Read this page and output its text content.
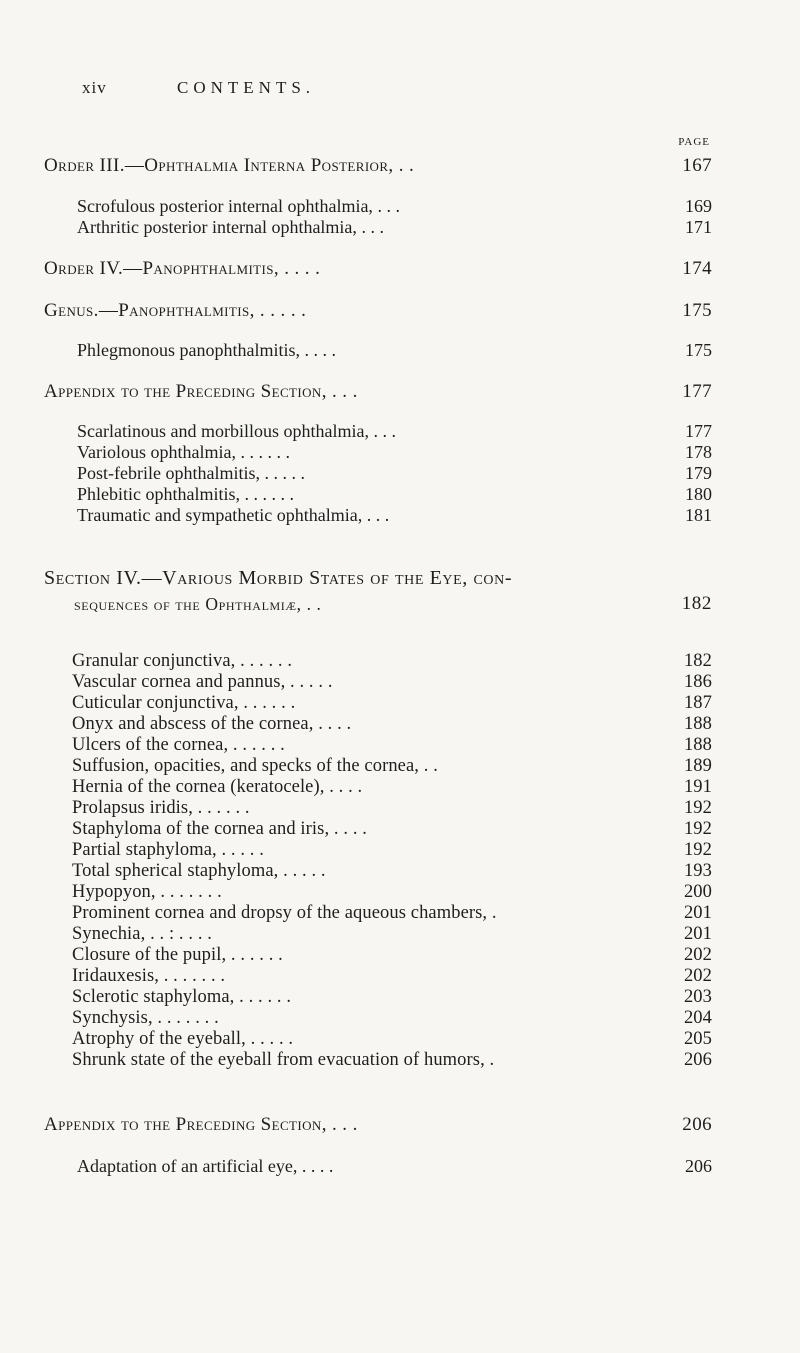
xiv	CONTENTS.
PAGE
Order III.—Ophthalmia Interna Posterior, . .	167
Scrofulous posterior internal ophthalmia, . . .	169
Arthritic posterior internal ophthalmia, . . .	171
Order IV.—Panophthalmitis, . . . .	174
Genus.—Panophthalmitis, . . . . .	175
Phlegmonous panophthalmitis, . . . .	175
Appendix to the Preceding Section, . . .	177
Scarlatinous and morbillous ophthalmia, . . .	177
Variolous ophthalmia, . . . . . .	178
Post-febrile ophthalmitis, . . . . .	179
Phlebitic ophthalmitis, . . . . . .	180
Traumatic and sympathetic ophthalmia, . . .	181
Section IV.—Various Morbid States of the Eye, con-
sequences of the Ophthalmiæ, . .	182
Granular conjunctiva, . . . . . .	182
Vascular cornea and pannus, . . . . .	186
Cuticular conjunctiva, . . . . . .	187
Onyx and abscess of the cornea, . . . .	188
Ulcers of the cornea, . . . . . .	188
Suffusion, opacities, and specks of the cornea, . .	189
Hernia of the cornea (keratocele), . . . .	191
Prolapsus iridis, . . . . . .	192
Staphyloma of the cornea and iris, . . . .	192
Partial staphyloma, . . . . .	192
Total spherical staphyloma, . . . . .	193
Hypopyon, . . . . . . .	200
Prominent cornea and dropsy of the aqueous chambers, .	201
Synechia, . . : . . . .	201
Closure of the pupil, . . . . . .	202
Iridauxesis, . . . . . . .	202
Sclerotic staphyloma, . . . . . .	203
Synchysis, . . . . . . .	204
Atrophy of the eyeball, . . . . .	205
Shrunk state of the eyeball from evacuation of humors, .	206
Appendix to the Preceding Section, . . .	206
Adaptation of an artificial eye, . . . .	206
